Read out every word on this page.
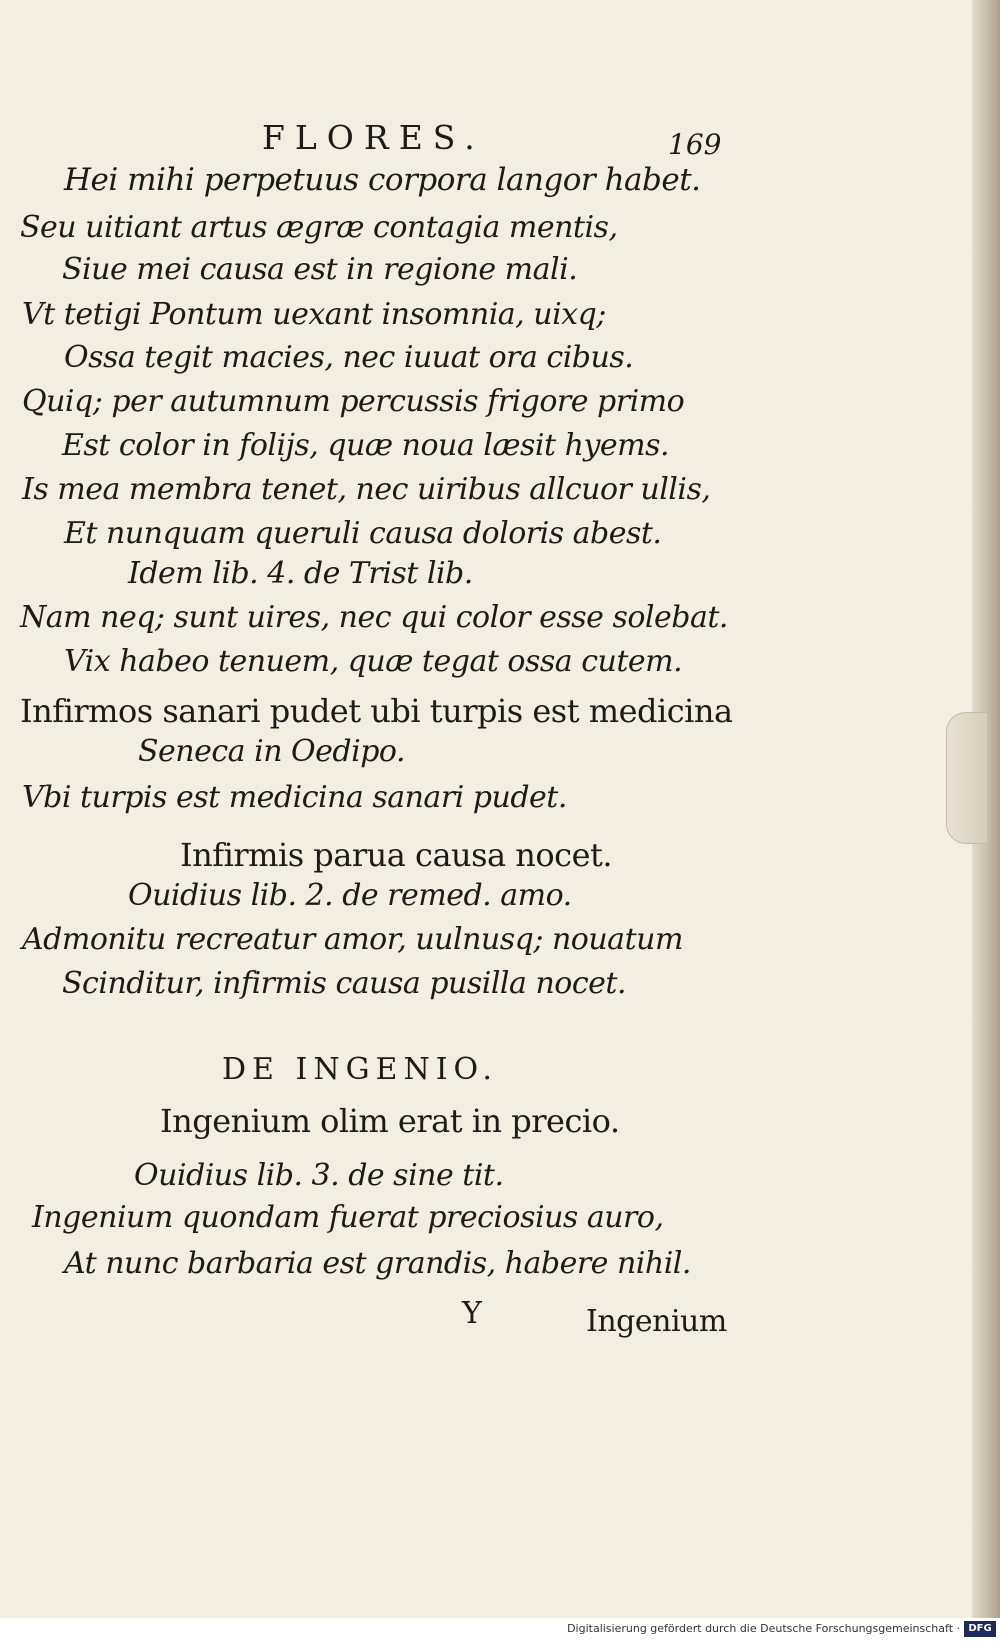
FLORES.	169
Hei mihi perpetuus corpora langor habet.
Seu uitiant artus ægræ contagia mentis,
Siue mei causa est in regione mali.
Vt tetigi Pontum uexant insomnia, uixq;
Ossa tegit macies, nec iuuat ora cibus.
Quiq; per autumnum percussis frigore primo
Est color in folijs, quæ noua læsit hyems.
Is mea membra tenet, nec uiribus allcuor ullis,
Et nunquam queruli causa doloris abest.
Idem lib. 4. de Trist lib.
Nam neq; sunt uires, nec qui color esse solebat.
Vix habeo tenuem, quæ tegat ossa cutem.
Infirmos sanari pudet ubi turpis est medicina
Seneca in Oedipo.
Vbi turpis est medicina sanari pudet.
Infirmis parua causa nocet.
Ouidius lib. 2. de remed. amo.
Admonitu recreatur amor, uulnusq; nouatum
Scinditur, infirmis causa pusilla nocet.
DE INGENIO.
Ingenium olim erat in precio.
Ouidius lib. 3. de sine tit.
Ingenium quondam fuerat preciosius auro,
At nunc barbaria est grandis, habere nihil.
Y	Ingenium
Digitalisierung gefördert durch die Deutsche Forschungsgemeinschaft · DFG
